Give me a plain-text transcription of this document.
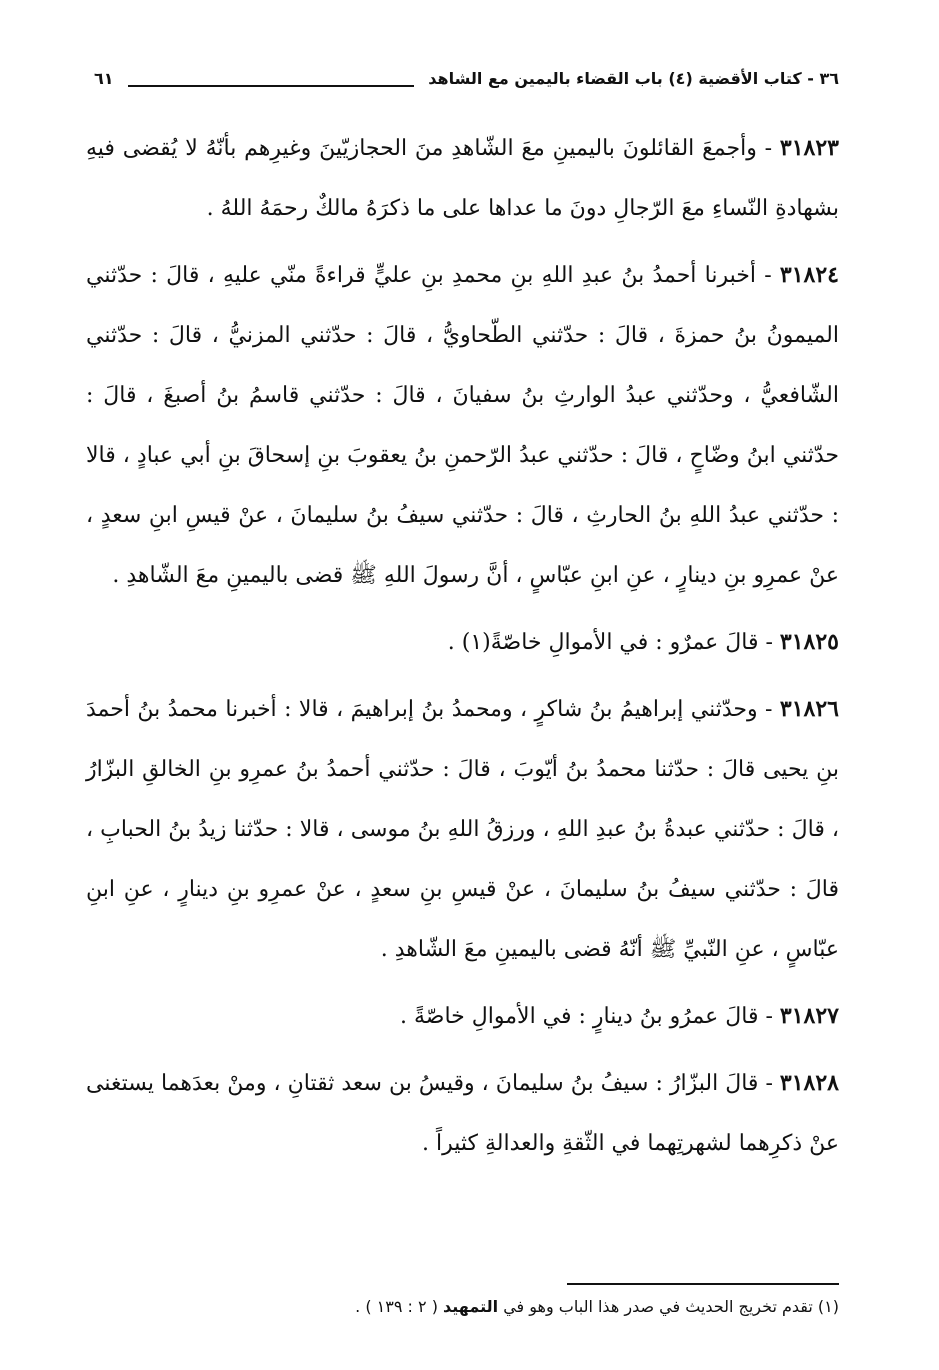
٣٦ - كتاب الأقضية (٤) باب القضاء باليمين مع الشاهد
٦١

٣١٨٢٣ - وأجمعَ القائلونَ باليمينِ معَ الشّاهدِ منَ الحجازيّينَ وغيرِهم بأنّهُ لا يُقضى فيهِ بشهادةِ النّساءِ معَ الرّجالِ دونَ ما عداها على ما ذكرَهُ مالكٌ رحمَهُ اللهُ .

٣١٨٢٤ - أخبرنا أحمدُ بنُ عبدِ اللهِ بنِ محمدِ بنِ عليٍّ قراءةً منّي عليهِ ، قالَ : حدّثني الميمونُ بنُ حمزةَ ، قالَ : حدّثني الطّحاويُّ ، قالَ : حدّثني المزنيُّ ، قالَ : حدّثني الشّافعيُّ ، وحدّثني عبدُ الوارثِ بنُ سفيانَ ، قالَ : حدّثني قاسمُ بنُ أصبغَ ، قالَ : حدّثني ابنُ وضّاحٍ ، قالَ : حدّثني عبدُ الرّحمنِ بنُ يعقوبَ بنِ إسحاقَ بنِ أبي عبادٍ ، قالا : حدّثني عبدُ اللهِ بنُ الحارثِ ، قالَ : حدّثني سيفُ بنُ سليمانَ ، عنْ قيسِ ابنِ سعدٍ ، عنْ عمرِو بنِ دينارٍ ، عنِ ابنِ عبّاسٍ ، أنَّ رسولَ اللهِ ﷺ قضى باليمينِ معَ الشّاهدِ .

٣١٨٢٥ - قالَ عمرٌو : في الأموالِ خاصّةً(١) .

٣١٨٢٦ - وحدّثني إبراهيمُ بنُ شاكرٍ ، ومحمدُ بنُ إبراهيمَ ، قالا : أخبرنا محمدُ بنُ أحمدَ بنِ يحيى قالَ : حدّثنا محمدُ بنُ أيّوبَ ، قالَ : حدّثني أحمدُ بنُ عمرِو بنِ الخالقِ البزّارُ ، قالَ : حدّثني عبدةُ بنُ عبدِ اللهِ ، ورزقُ اللهِ بنُ موسى ، قالا : حدّثنا زيدُ بنُ الحبابِ ، قالَ : حدّثني سيفُ بنُ سليمانَ ، عنْ قيسِ بنِ سعدٍ ، عنْ عمرِو بنِ دينارٍ ، عنِ ابنِ عبّاسٍ ، عنِ النّبيِّ ﷺ أنّهُ قضى باليمينِ معَ الشّاهدِ .

٣١٨٢٧ - قالَ عمرُو بنُ دينارٍ : في الأموالِ خاصّةً .

٣١٨٢٨ - قالَ البزّارُ : سيفُ بنُ سليمانَ ، وقيسُ بن سعد ثقتانِ ، ومنْ بعدَهما يستغنى عنْ ذكرِهما لشهرتِهما في الثّقةِ والعدالةِ كثيراً .

(١) تقدم تخريج الحديث في صدر هذا الباب وهو في التمهيد ( ٢ : ١٣٩ ) .
